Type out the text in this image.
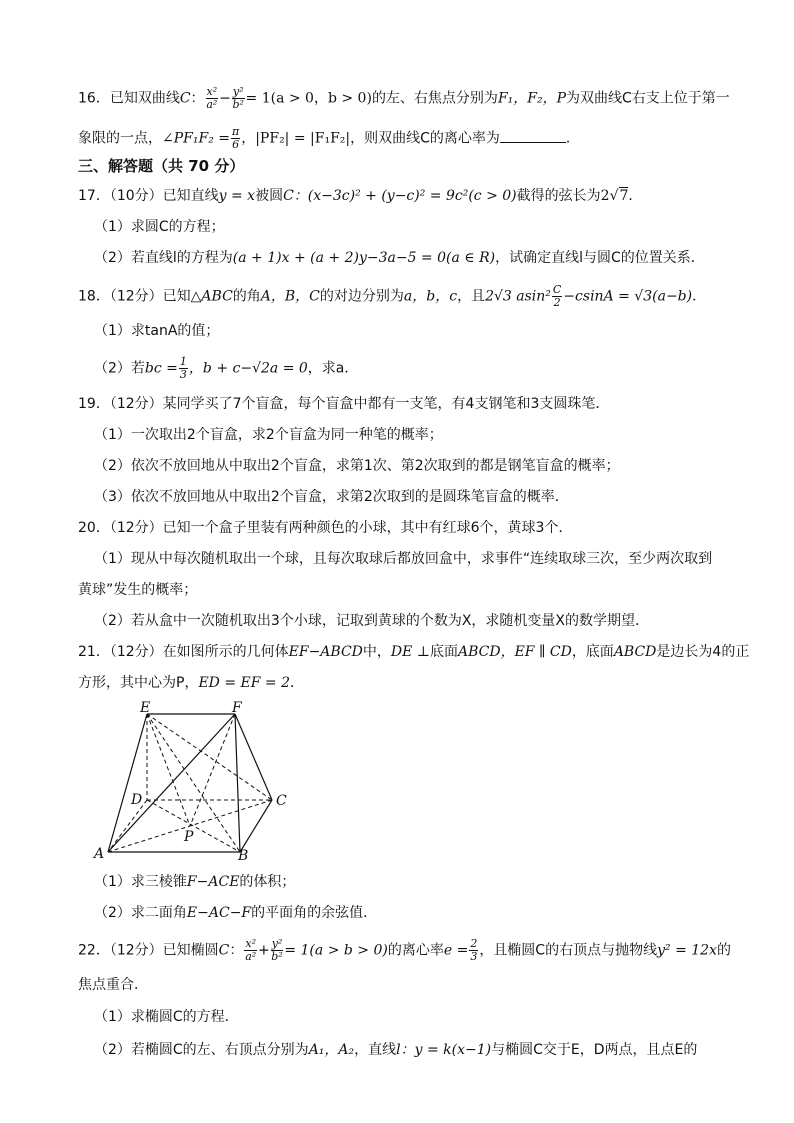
16．已知双曲线C： $\frac{\text{x²}}{\text{a²}} - \frac{\text{y²}}{\text{b²}} = 1(a > 0$，b > 0)的左、右焦点分别为F₁，F₂，P为双曲线C右支上位于第一
象限的一点，∠PF₁F₂ = $\frac{\pi}{6}$ ，|PF₂| = |F₁F₂|，则双曲线C的离心率为	．
三、解答题（共 70 分）
17．（10分）已知直线y = x被圆C：(x−3c)² + (y−c)² = 9c²(c > 0)截得的弦长为2√7．
（1）求圆C的方程；
（2）若直线l的方程为(a + 1)x + (a + 2)y−3a−5 = 0(a ∈ R)，试确定直线l与圆C的位置关系．
18．（12分）已知△ABC的角A，B，C的对边分别为a，b，c，且2√3 $asin^2 \frac{C}{2} -csinA = √3(a-b)$．
（1）求tanA的值；
（2）若bc = $\frac{1}{3}$ ，b + c−√2a = 0，求a．
19．（12分）某同学买了7个盲盒，每个盲盒中都有一支笔，有4支钢笔和3支圆珠笔．
（1）一次取出2个盲盒，求2个盲盒为同一种笔的概率；
（2）依次不放回地从中取出2个盲盒，求第1次、第2次取到的都是钢笔盲盒的概率；
（3）依次不放回地从中取出2个盲盒，求第2次取到的是圆珠笔盲盒的概率．
20．（12分）已知一个盒子里装有两种颜色的小球，其中有红球6个，黄球3个．
（1）现从中每次随机取出一个球，且每次取球后都放回盒中，求事件“连续取球三次，至少两次取到
黄球”发生的概率；
（2）若从盒中一次随机取出3个小球，记取到黄球的个数为X，求随机变量X的数学期望．
21．（12分）在如图所示的几何体EF−ABCD中，DE ⊥底面ABCD，EF ∥ CD，底面ABCD是边长为4的正
方形，其中心为P，ED = EF = 2．
E	F
D	C
P
A	B
（1）求三棱锥F−ACE的体积；
（2）求二面角E−AC−F的平面角的余弦值．
22．（12分）已知椭圆C： $\frac{\text{x²}}{\text{a²}} + \frac{\text{y²}}{\text{b²}} = 1(a > b > 0)$的离心率$e = \frac{2}{3}$ ，且椭圆C的右顶点与抛物线y² = 12x的
焦点重合．
（1）求椭圆C的方程．
（2）若椭圆C的左、右顶点分别为A₁，A₂，直线l：y = k(x−1)与椭圆C交于E，D两点，且点E的
